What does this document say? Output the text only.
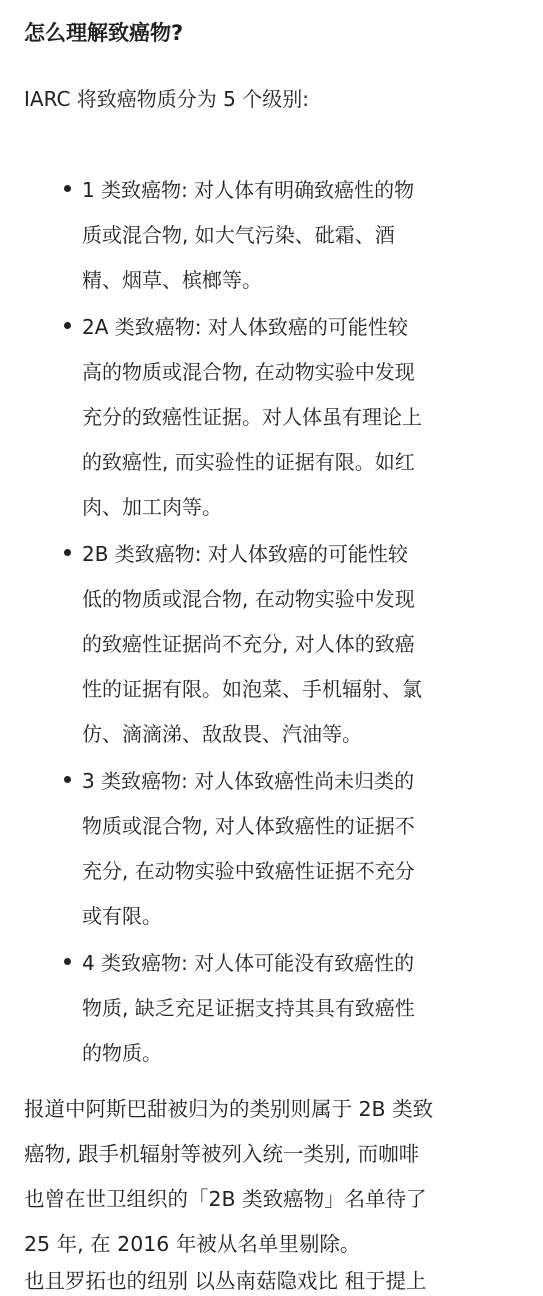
怎么理解致癌物?
IARC 将致癌物质分为 5 个级别:
1 类致癌物: 对人体有明确致癌性的物
质或混合物, 如大气污染、砒霜、酒
精、烟草、槟榔等。
2A 类致癌物: 对人体致癌的可能性较
高的物质或混合物, 在动物实验中发现
充分的致癌性证据。对人体虽有理论上
的致癌性, 而实验性的证据有限。如红
肉、加工肉等。
2B 类致癌物: 对人体致癌的可能性较
低的物质或混合物, 在动物实验中发现
的致癌性证据尚不充分, 对人体的致癌
性的证据有限。如泡菜、手机辐射、氯
仿、滴滴涕、敌敌畏、汽油等。
3 类致癌物: 对人体致癌性尚未归类的
物质或混合物, 对人体致癌性的证据不
充分, 在动物实验中致癌性证据不充分
或有限。
4 类致癌物: 对人体可能没有致癌性的
物质, 缺乏充足证据支持其具有致癌性
的物质。
报道中阿斯巴甜被归为的类别则属于 2B 类致
癌物, 跟手机辐射等被列入统一类别, 而咖啡
也曾在世卫组织的「2B 类致癌物」名单待了
25 年, 在 2016 年被从名单里剔除。
也且罗拓也的纽别 以丛南菇隐戏比 租于提上
